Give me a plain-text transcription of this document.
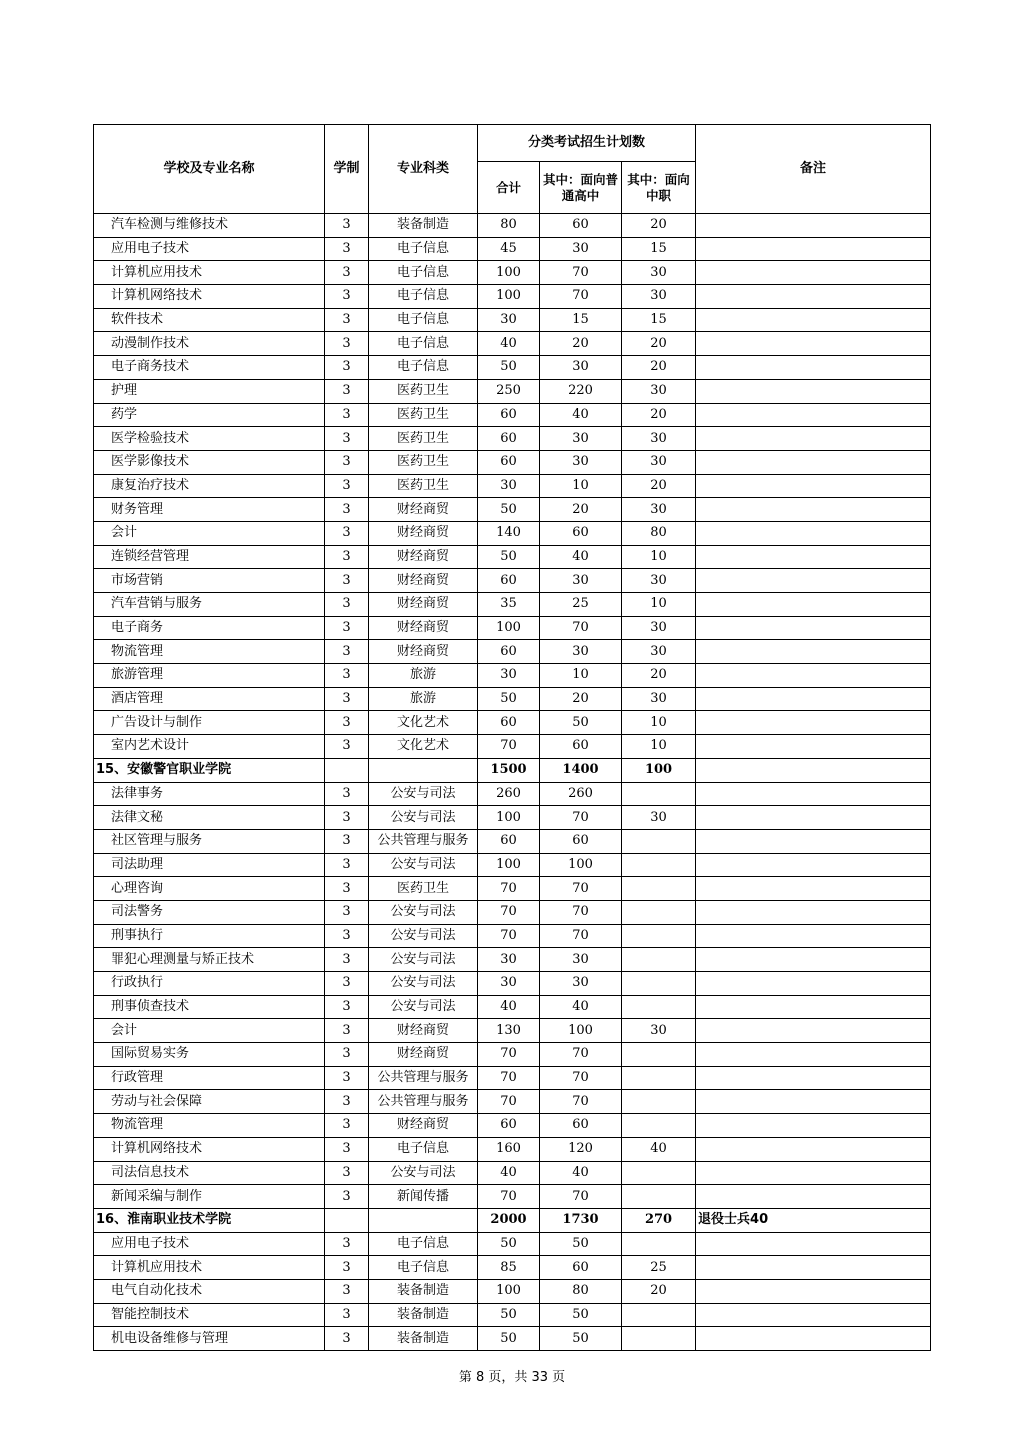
学校及专业名称	学制	专业科类	分类考试招生计划数			备注
			合计	其中：面向普通高中	其中：面向中职	
汽车检测与维修技术	3	装备制造	80	60	20	
应用电子技术	3	电子信息	45	30	15	
计算机应用技术	3	电子信息	100	70	30	
计算机网络技术	3	电子信息	100	70	30	
软件技术	3	电子信息	30	15	15	
动漫制作技术	3	电子信息	40	20	20	
电子商务技术	3	电子信息	50	30	20	
护理	3	医药卫生	250	220	30	
药学	3	医药卫生	60	40	20	
医学检验技术	3	医药卫生	60	30	30	
医学影像技术	3	医药卫生	60	30	30	
康复治疗技术	3	医药卫生	30	10	20	
财务管理	3	财经商贸	50	20	30	
会计	3	财经商贸	140	60	80	
连锁经营管理	3	财经商贸	50	40	10	
市场营销	3	财经商贸	60	30	30	
汽车营销与服务	3	财经商贸	35	25	10	
电子商务	3	财经商贸	100	70	30	
物流管理	3	财经商贸	60	30	30	
旅游管理	3	旅游	30	10	20	
酒店管理	3	旅游	50	20	30	
广告设计与制作	3	文化艺术	60	50	10	
室内艺术设计	3	文化艺术	70	60	10	
15、安徽警官职业学院			1500	1400	100	
法律事务	3	公安与司法	260	260		
法律文秘	3	公安与司法	100	70	30	
社区管理与服务	3	公共管理与服务	60	60		
司法助理	3	公安与司法	100	100		
心理咨询	3	医药卫生	70	70		
司法警务	3	公安与司法	70	70		
刑事执行	3	公安与司法	70	70		
罪犯心理测量与矫正技术	3	公安与司法	30	30		
行政执行	3	公安与司法	30	30		
刑事侦查技术	3	公安与司法	40	40		
会计	3	财经商贸	130	100	30	
国际贸易实务	3	财经商贸	70	70		
行政管理	3	公共管理与服务	70	70		
劳动与社会保障	3	公共管理与服务	70	70		
物流管理	3	财经商贸	60	60		
计算机网络技术	3	电子信息	160	120	40	
司法信息技术	3	公安与司法	40	40		
新闻采编与制作	3	新闻传播	70	70		
16、淮南职业技术学院			2000	1730	270	退役士兵40
应用电子技术	3	电子信息	50	50		
计算机应用技术	3	电子信息	85	60	25	
电气自动化技术	3	装备制造	100	80	20	
智能控制技术	3	装备制造	50	50		
机电设备维修与管理	3	装备制造	50	50		
第 8 页，共 33 页
